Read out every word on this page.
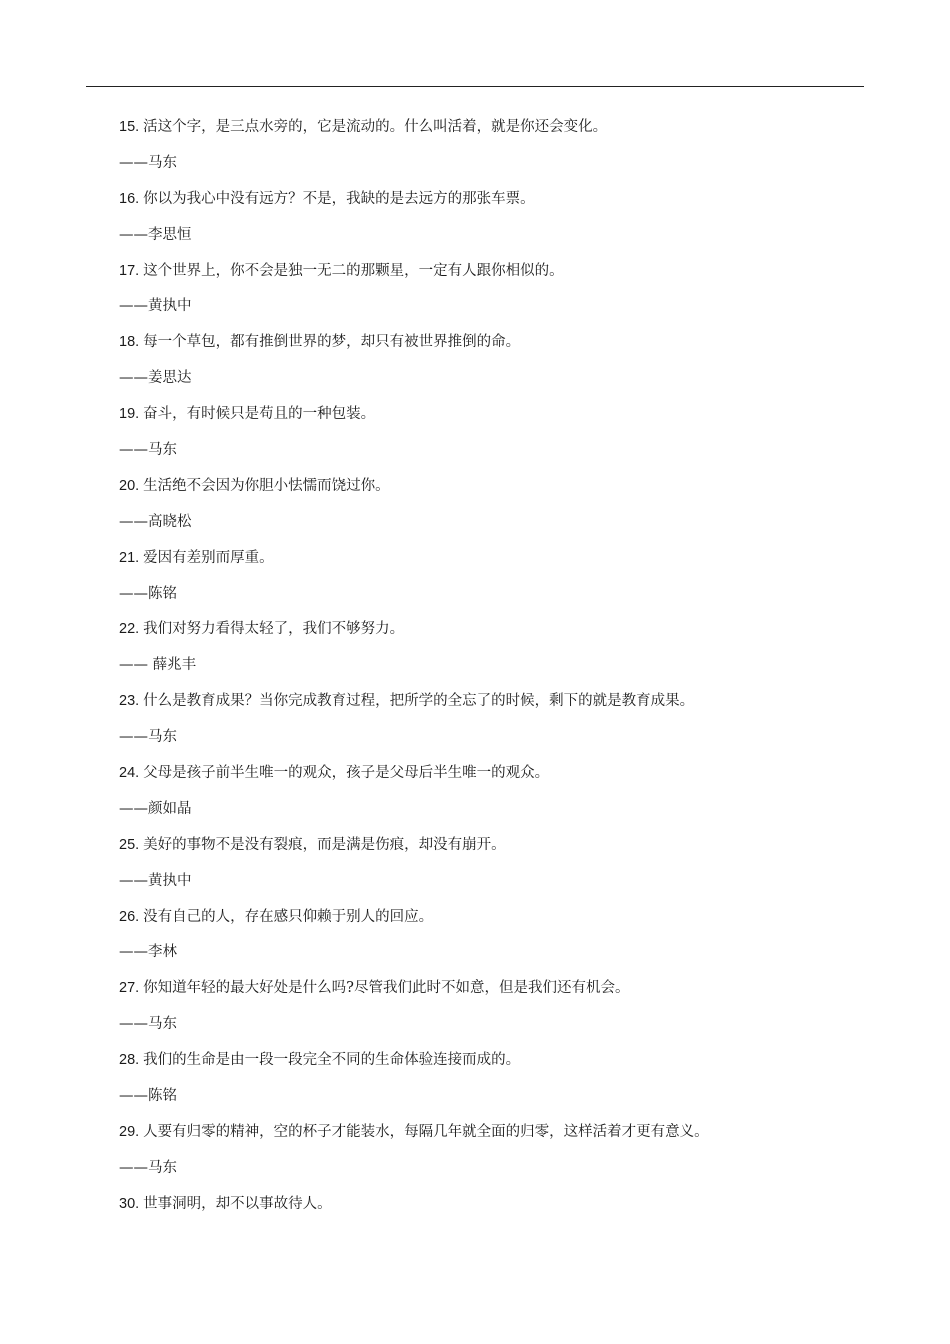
15. 活这个字，是三点水旁的，它是流动的。什么叫活着，就是你还会变化。
——马东
16. 你以为我心中没有远方？不是，我缺的是去远方的那张车票。
——李思恒
17. 这个世界上，你不会是独一无二的那颗星，一定有人跟你相似的。
——黄执中
18. 每一个草包，都有推倒世界的梦，却只有被世界推倒的命。
——姜思达
19. 奋斗，有时候只是苟且的一种包装。
——马东
20. 生活绝不会因为你胆小怯懦而饶过你。
——高晓松
21. 爱因有差别而厚重。
——陈铭
22. 我们对努力看得太轻了，我们不够努力。
—— 薛兆丰
23. 什么是教育成果？当你完成教育过程，把所学的全忘了的时候，剩下的就是教育成果。
——马东
24. 父母是孩子前半生唯一的观众，孩子是父母后半生唯一的观众。
——颜如晶
25. 美好的事物不是没有裂痕，而是满是伤痕，却没有崩开。
——黄执中
26. 没有自己的人，存在感只仰赖于别人的回应。
——李林
27. 你知道年轻的最大好处是什么吗?尽管我们此时不如意，但是我们还有机会。
——马东
28. 我们的生命是由一段一段完全不同的生命体验连接而成的。
——陈铭
29. 人要有归零的精神，空的杯子才能装水，每隔几年就全面的归零，这样活着才更有意义。
——马东
30. 世事洞明，却不以事故待人。
